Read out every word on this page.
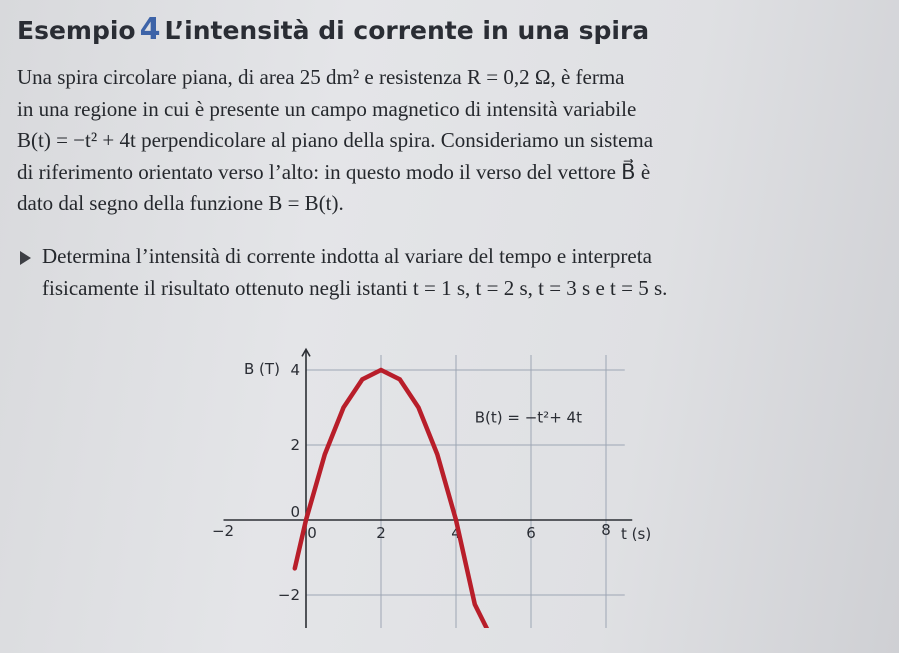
Esempio 4 L’intensità di corrente in una spira

Una spira circolare piana, di area 25 dm² e resistenza R = 0,2 Ω, è ferma

in una regione in cui è presente un campo magnetico di intensità variabile

B(t) = −t² + 4t perpendicolare al piano della spira. Consideriamo un sistema

di riferimento orientato verso l’alto: in questo modo il verso del vettore B⃗ è

dato dal segno della funzione B = B(t).

Determina l’intensità di corrente indotta al variare del tempo e interpreta

fisicamente il risultato ottenuto negli istanti t = 1 s, t = 2 s, t = 3 s e t = 5 s.

−2	0	2	4	6	8
4
2
0
−2
B (T)
t (s)
B(t) = −t²+ 4t
